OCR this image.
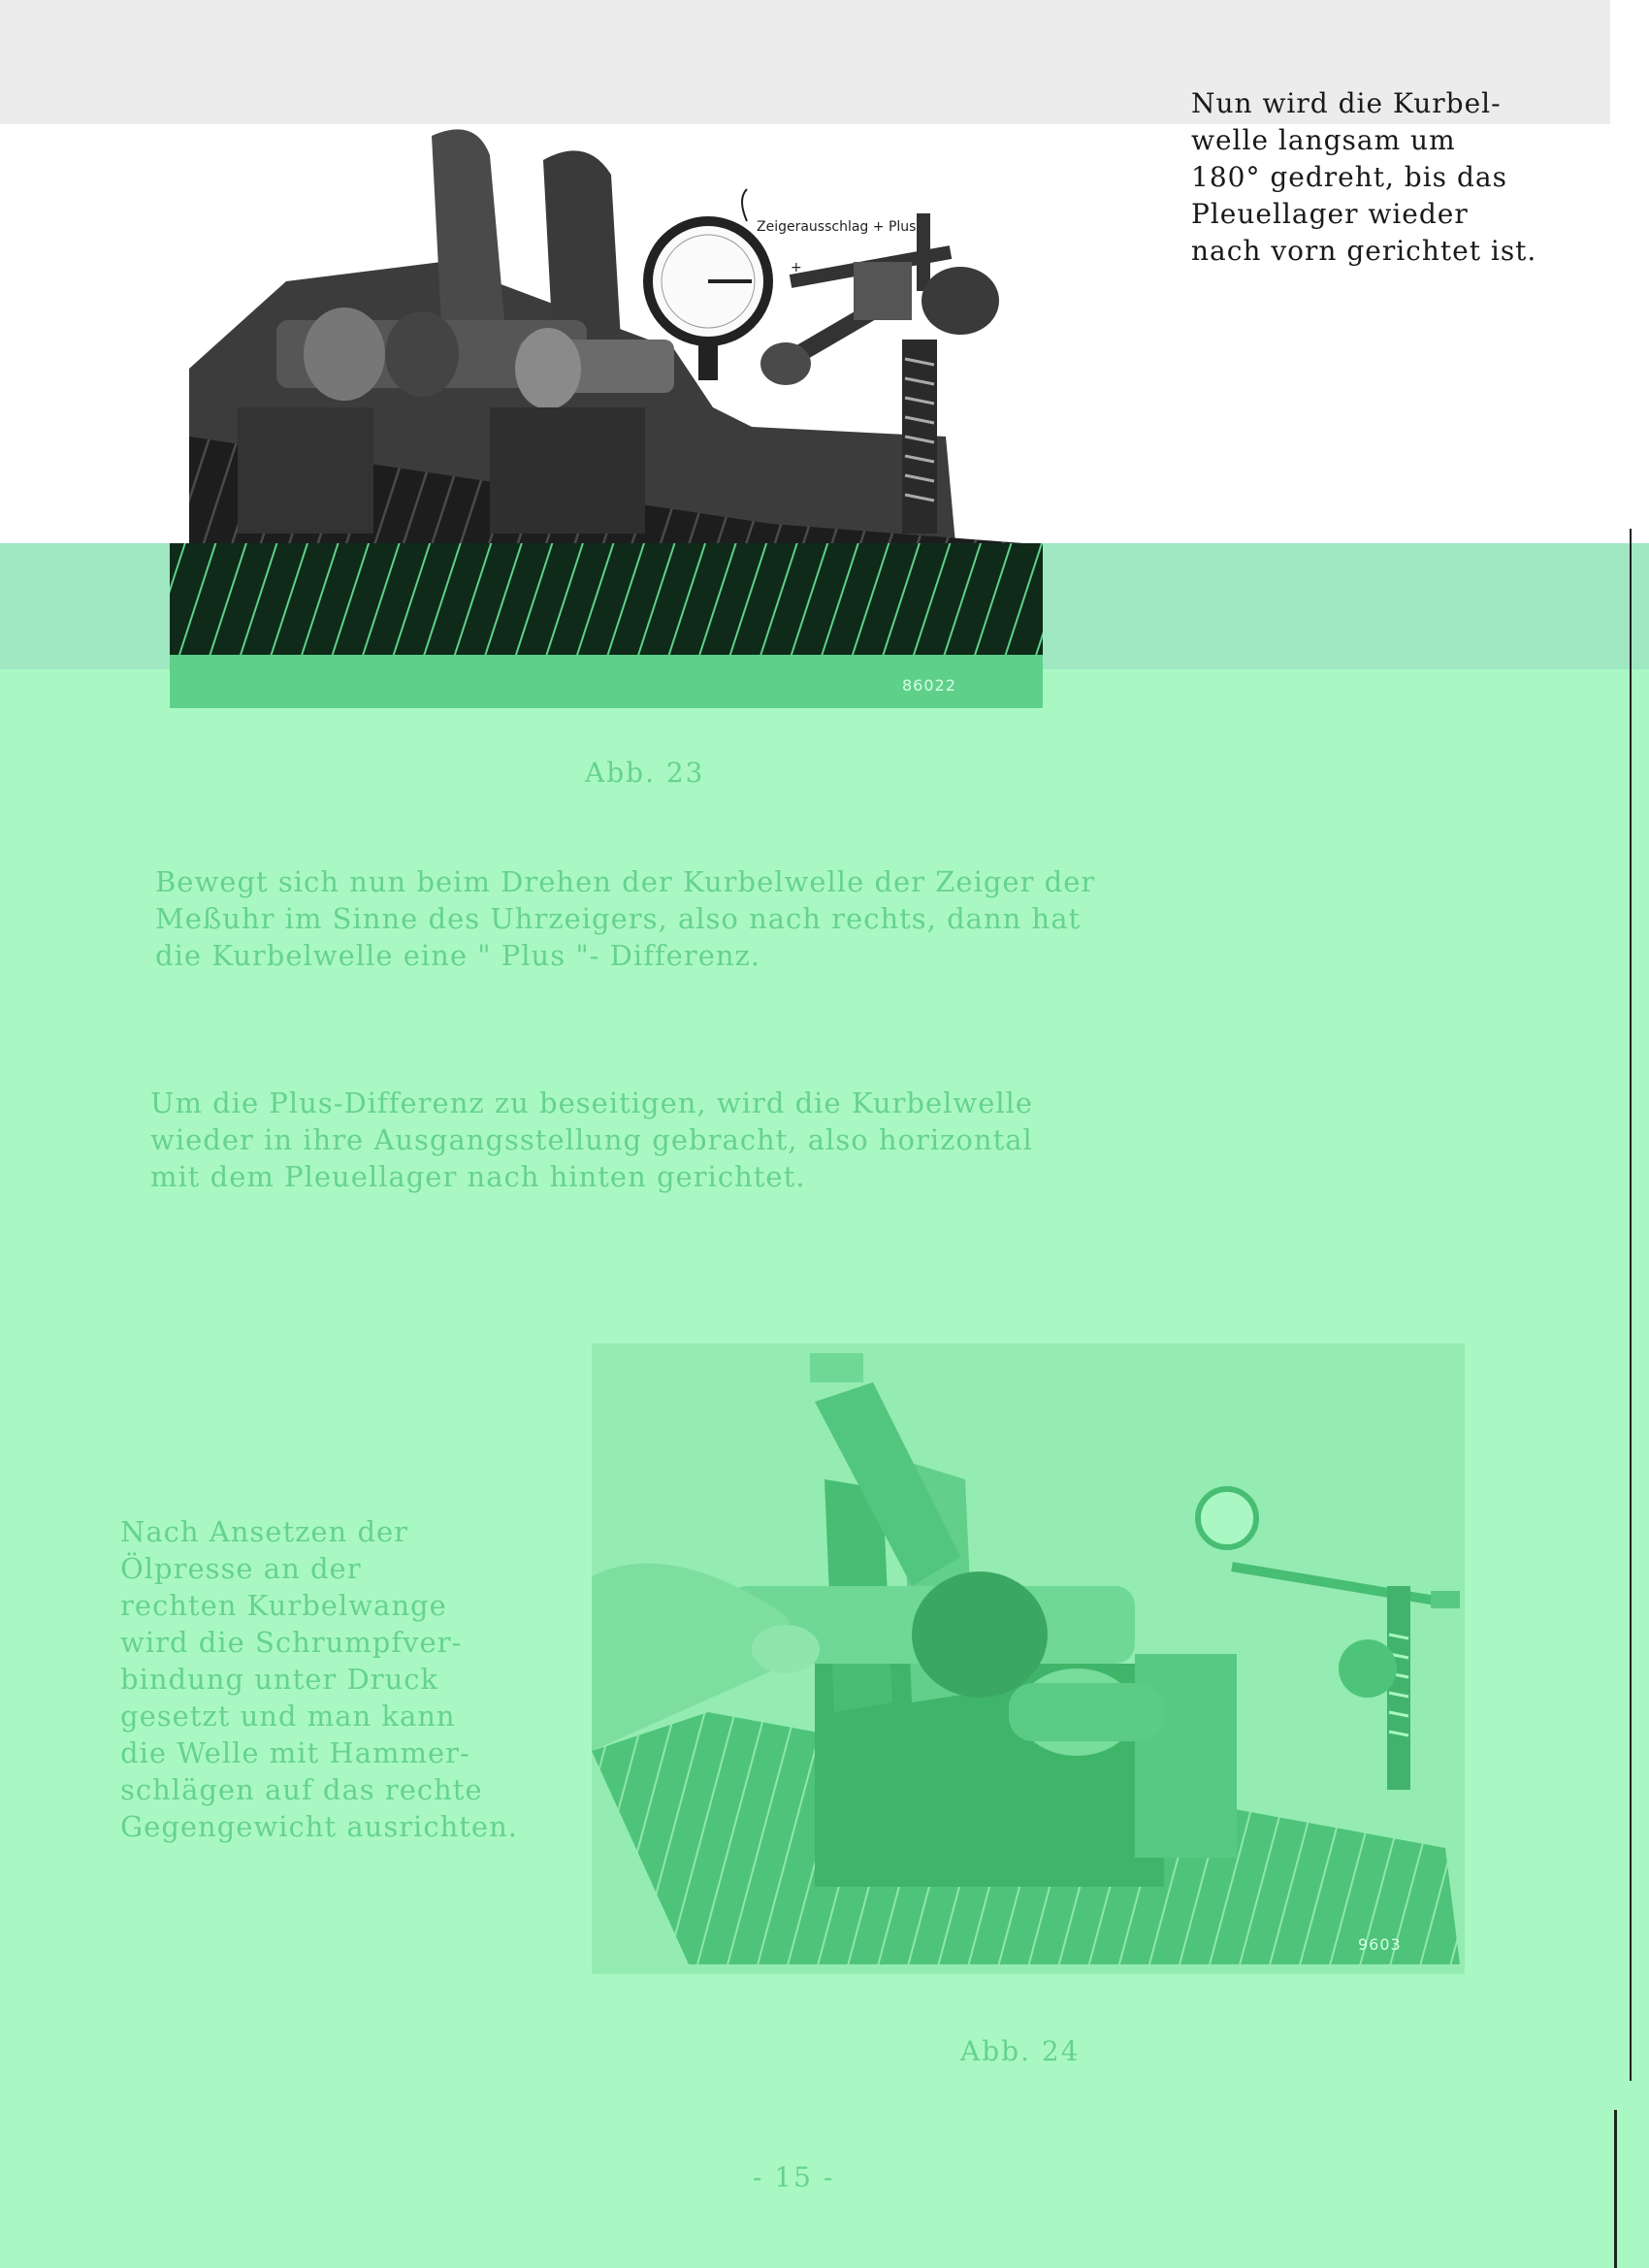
Nun wird die Kurbel-
welle langsam um
180° gedreht, bis das
Pleuellager wieder
nach vorn gerichtet ist.
Zeigerausschlag + Plus
+
86022
Abb. 23
Bewegt sich nun beim Drehen der Kurbelwelle der Zeiger der
Meßuhr im Sinne des Uhrzeigers, also nach rechts, dann hat
die Kurbelwelle eine " Plus "- Differenz.
Um die Plus-Differenz zu beseitigen, wird die Kurbelwelle
wieder in ihre Ausgangsstellung gebracht, also horizontal
mit dem Pleuellager nach hinten gerichtet.
Nach Ansetzen der
Ölpresse an der
rechten Kurbelwange
wird die Schrumpfver-
bindung unter Druck
gesetzt und man kann
die Welle mit Hammer-
schlägen auf das rechte
Gegengewicht ausrichten.
9603
Abb. 24
- 15 -
